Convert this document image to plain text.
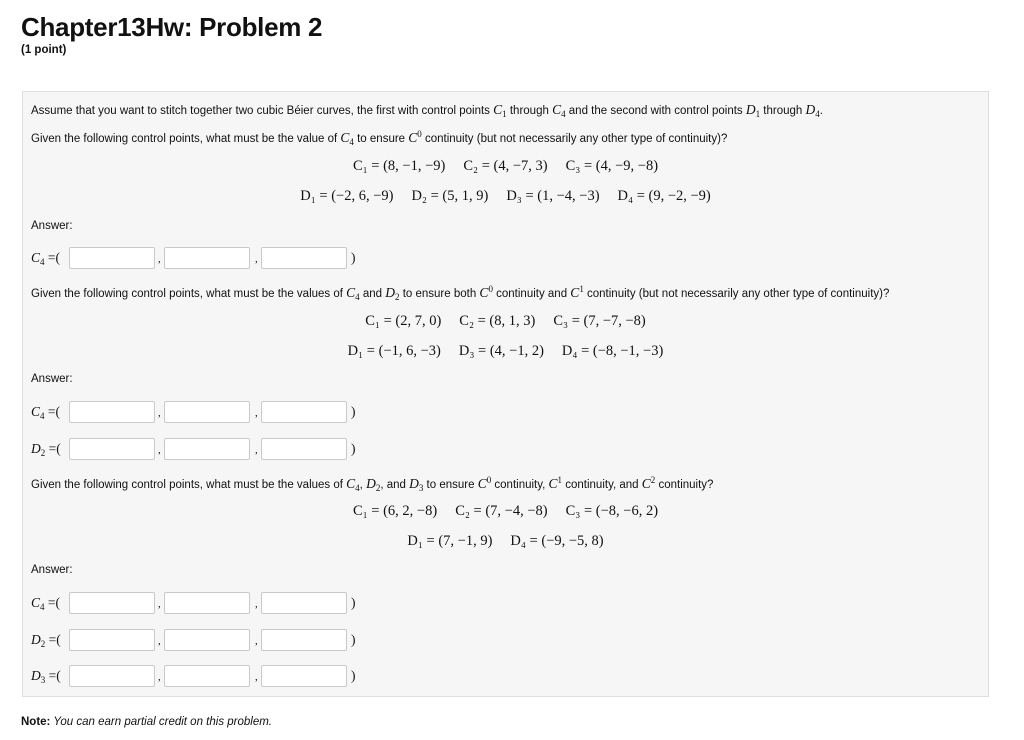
Chapter13Hw: Problem 2
(1 point)
Assume that you want to stitch together two cubic Béier curves, the first with control points $C_1$ through $C_4$ and the second with control points $D_1$ through $D_4$.
Given the following control points, what must be the value of $C_4$ to ensure $C^0$ continuity (but not necessarily any other type of continuity)?
C₁ = (8, −1, −9) C₂ = (4, −7, 3) C₃ = (4, −9, −8)
D₁ = (−2, 6, −9) D₂ = (5, 1, 9) D₃ = (1, −4, −3) D₄ = (9, −2, −9)
Answer:
$C_4$ =(	,	,	)
Given the following control points, what must be the values of $C_4$ and $D_2$ to ensure both $C^0$ continuity and $C^1$ continuity (but not necessarily any other type of continuity)?
C₁ = (2, 7, 0) C₂ = (8, 1, 3) C₃ = (7, −7, −8)
D₁ = (−1, 6, −3) D₃ = (4, −1, 2) D₄ = (−8, −1, −3)
Answer:
$C_4$ =(	,	,	)
$D_2$ =(	,	,	)
Given the following control points, what must be the values of $C_4$, $D_2$, and $D_3$ to ensure $C^0$ continuity, $C^1$ continuity, and $C^2$ continuity?
C₁ = (6, 2, −8) C₂ = (7, −4, −8) C₃ = (−8, −6, 2)
D₁ = (7, −1, 9) D₄ = (−9, −5, 8)
Answer:
$C_4$ =(	,	,	)
$D_2$ =(	,	,	)
$D_3$ =(	,	,	)
Note: You can earn partial credit on this problem.
